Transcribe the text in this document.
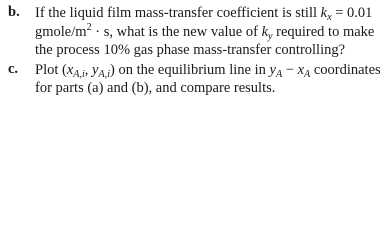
b. If the liquid film mass-transfer coefficient is still $k_x = 0.01$
gmole/$m^2 \cdot s$, what is the new value of $k_y$ required to make
the process 10% gas phase mass-transfer controlling?
c. Plot ($x_{A,i}$, $y_{A,i}$) on the equilibrium line in $y_A - x_A$ coordinates
for parts (a) and (b), and compare results.
